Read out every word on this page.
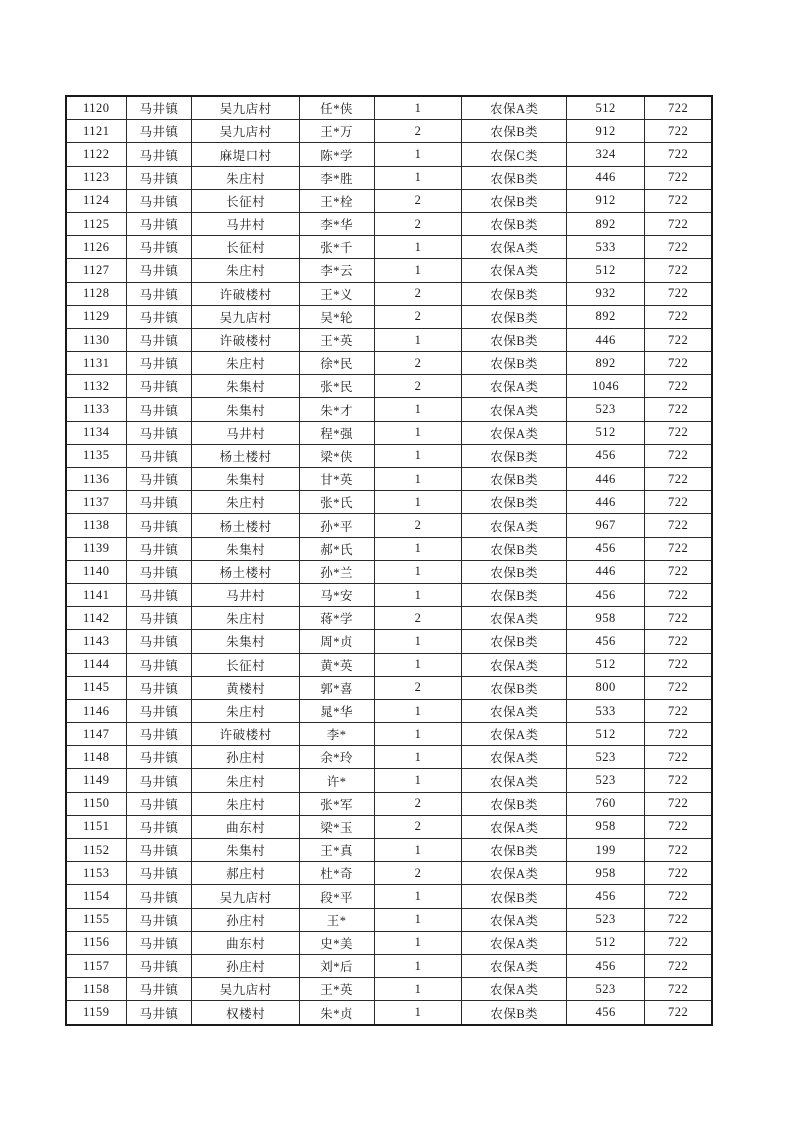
1120	马井镇	吴九店村	任*侠	1	农保A类	512	722
1121	马井镇	吴九店村	王*万	2	农保B类	912	722
1122	马井镇	麻堤口村	陈*学	1	农保C类	324	722
1123	马井镇	朱庄村	李*胜	1	农保B类	446	722
1124	马井镇	长征村	王*栓	2	农保B类	912	722
1125	马井镇	马井村	李*华	2	农保B类	892	722
1126	马井镇	长征村	张*千	1	农保A类	533	722
1127	马井镇	朱庄村	李*云	1	农保A类	512	722
1128	马井镇	许破楼村	王*义	2	农保B类	932	722
1129	马井镇	吴九店村	吴*轮	2	农保B类	892	722
1130	马井镇	许破楼村	王*英	1	农保B类	446	722
1131	马井镇	朱庄村	徐*民	2	农保B类	892	722
1132	马井镇	朱集村	张*民	2	农保A类	1046	722
1133	马井镇	朱集村	朱*才	1	农保A类	523	722
1134	马井镇	马井村	程*强	1	农保A类	512	722
1135	马井镇	杨土楼村	梁*侠	1	农保B类	456	722
1136	马井镇	朱集村	甘*英	1	农保B类	446	722
1137	马井镇	朱庄村	张*氏	1	农保B类	446	722
1138	马井镇	杨土楼村	孙*平	2	农保A类	967	722
1139	马井镇	朱集村	郝*氏	1	农保B类	456	722
1140	马井镇	杨土楼村	孙*兰	1	农保B类	446	722
1141	马井镇	马井村	马*安	1	农保B类	456	722
1142	马井镇	朱庄村	蒋*学	2	农保A类	958	722
1143	马井镇	朱集村	周*贞	1	农保B类	456	722
1144	马井镇	长征村	黄*英	1	农保A类	512	722
1145	马井镇	黄楼村	郭*喜	2	农保B类	800	722
1146	马井镇	朱庄村	晁*华	1	农保A类	533	722
1147	马井镇	许破楼村	李*	1	农保A类	512	722
1148	马井镇	孙庄村	余*玲	1	农保A类	523	722
1149	马井镇	朱庄村	许*	1	农保A类	523	722
1150	马井镇	朱庄村	张*军	2	农保B类	760	722
1151	马井镇	曲东村	梁*玉	2	农保A类	958	722
1152	马井镇	朱集村	王*真	1	农保B类	199	722
1153	马井镇	郝庄村	杜*奇	2	农保A类	958	722
1154	马井镇	吴九店村	段*平	1	农保B类	456	722
1155	马井镇	孙庄村	王*	1	农保A类	523	722
1156	马井镇	曲东村	史*美	1	农保A类	512	722
1157	马井镇	孙庄村	刘*后	1	农保A类	456	722
1158	马井镇	吴九店村	王*英	1	农保A类	523	722
1159	马井镇	权楼村	朱*贞	1	农保B类	456	722
